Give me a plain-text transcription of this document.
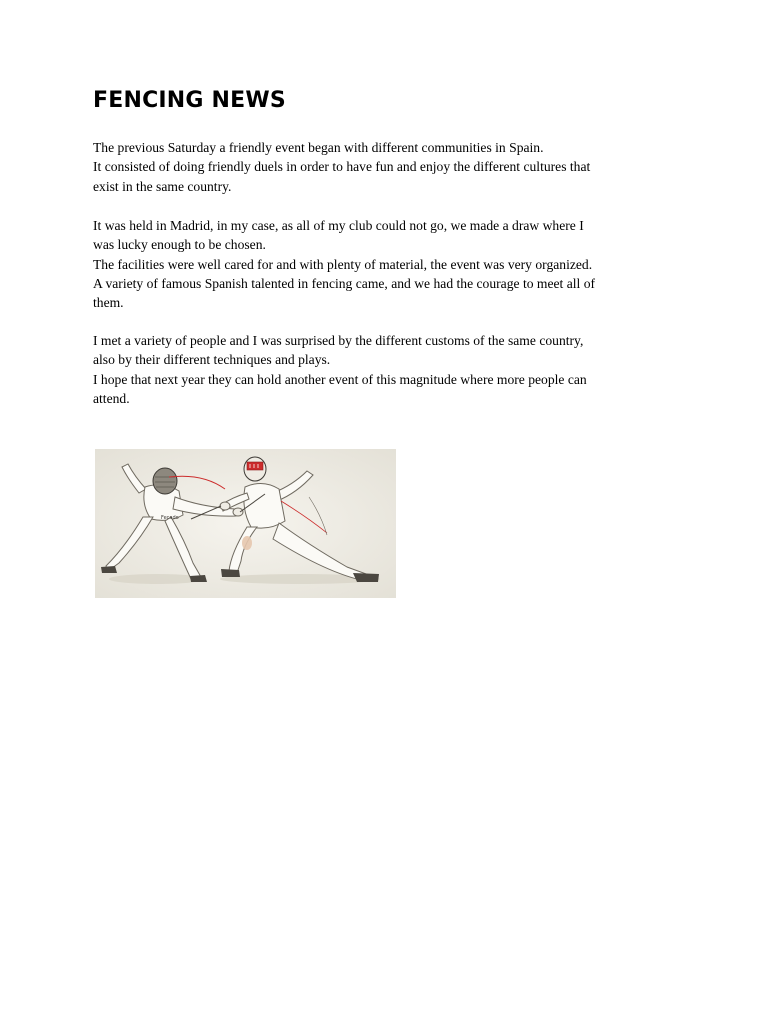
FENCING NEWS
The previous Saturday a friendly event began with different communities in Spain.
It consisted of doing friendly duels in order to have fun and enjoy the different cultures that
exist in the same country.
It was held in Madrid, in my case, as all of my club could not go, we made a draw where I
was lucky enough to be chosen.
The facilities were well cared for and with plenty of material, the event was very organized.
A variety of famous Spanish talented in fencing came, and we had the courage to meet all of
them.
I met a variety of people and I was surprised by the different customs of the same country,
also by their different techniques and plays.
I hope that next year they can hold another event of this magnitude where more people can
attend.
Fecado
